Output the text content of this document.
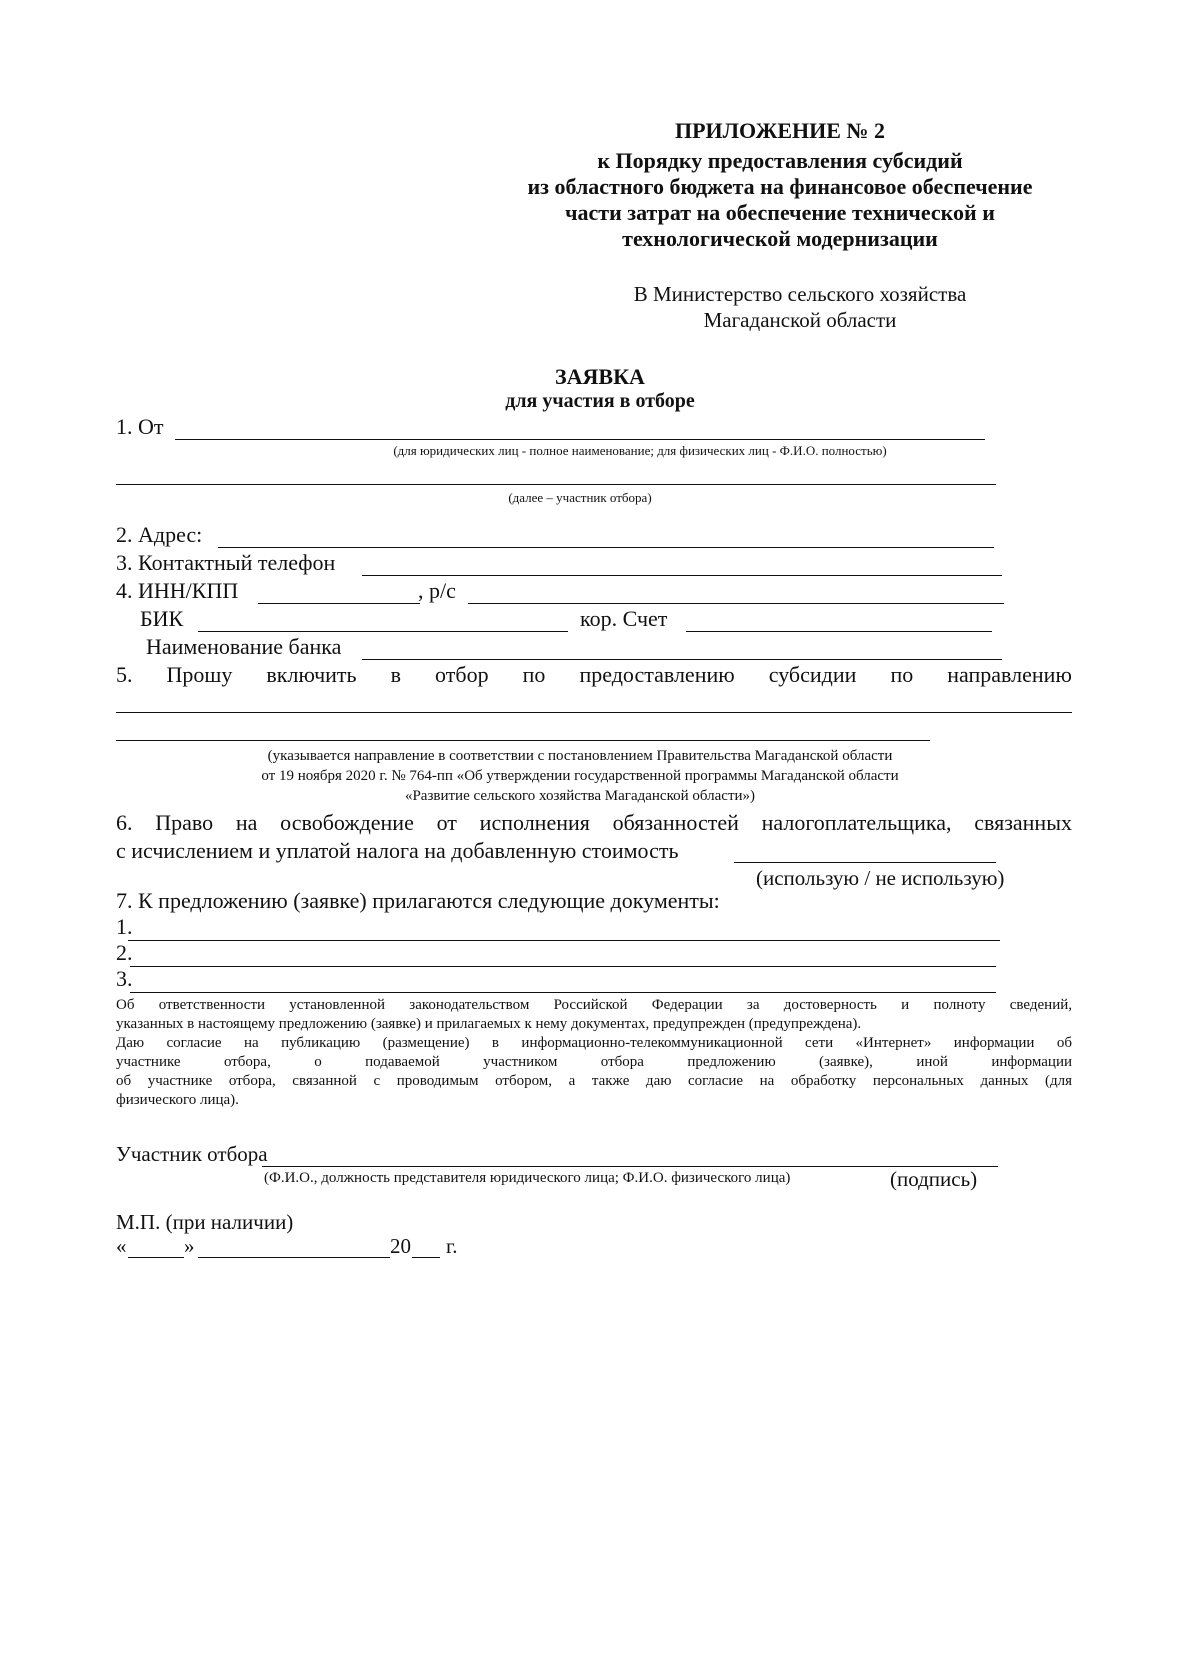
ПРИЛОЖЕНИЕ № 2
к Порядку предоставления субсидий
из областного бюджета на финансовое обеспечение
части затрат на обеспечение технической и
технологической модернизации
В Министерство сельского хозяйства
Магаданской области
ЗАЯВКА
для участия в отборе
1. От
(для юридических лиц - полное наименование; для физических лиц - Ф.И.О. полностью)
(далее – участник отбора)
2. Адрес:
3. Контактный телефон
4. ИНН/КПП	, р/с
БИК	кор. Счет
Наименование банка
5. Прошу включить в отбор по предоставлению субсидии по направлению
(указывается направление в соответствии с постановлением Правительства Магаданской области
от 19 ноября 2020 г. № 764-пп «Об утверждении государственной программы Магаданской области
«Развитие сельского хозяйства Магаданской области»)
6. Право на освобождение от исполнения обязанностей налогоплательщика, связанных
с исчислением и уплатой налога на добавленную стоимость
(использую / не использую)
7. К предложению (заявке) прилагаются следующие документы:
1.
2.
3.
Об ответственности установленной законодательством Российской Федерации за достоверность и полноту сведений,
указанных в настоящему предложению (заявке) и прилагаемых к нему документах, предупрежден (предупреждена).
Даю согласие на публикацию (размещение) в информационно-телекоммуникационной сети «Интернет» информации об
участнике отбора, о подаваемой участником отбора предложению (заявке), иной информации
об участнике отбора, связанной с проводимым отбором, а также даю согласие на обработку персональных данных (для
физического лица).
Участник отбора
(Ф.И.О., должность представителя юридического лица; Ф.И.О. физического лица)	(подпись)
М.П. (при наличии)
«	»	20 г.
